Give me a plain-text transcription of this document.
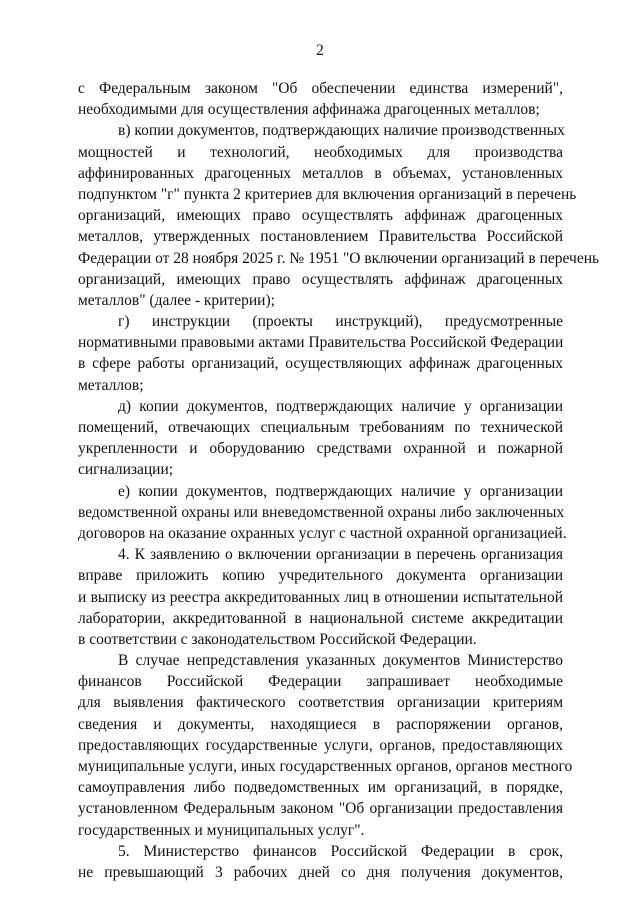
2
с Федеральным законом "Об обеспечении единства измерений",
необходимыми для осуществления аффинажа драгоценных металлов;
в) копии документов, подтверждающих наличие производственных
мощностей и технологий, необходимых для производства
аффинированных драгоценных металлов в объемах, установленных
подпунктом "г" пункта 2 критериев для включения организаций в перечень
организаций, имеющих право осуществлять аффинаж драгоценных
металлов, утвержденных постановлением Правительства Российской
Федерации от 28 ноября 2025 г. № 1951 "О включении организаций в перечень
организаций, имеющих право осуществлять аффинаж драгоценных
металлов" (далее - критерии);
г) инструкции (проекты инструкций), предусмотренные
нормативными правовыми актами Правительства Российской Федерации
в сфере работы организаций, осуществляющих аффинаж драгоценных
металлов;
д) копии документов, подтверждающих наличие у организации
помещений, отвечающих специальным требованиям по технической
укрепленности и оборудованию средствами охранной и пожарной
сигнализации;
е) копии документов, подтверждающих наличие у организации
ведомственной охраны или вневедомственной охраны либо заключенных
договоров на оказание охранных услуг с частной охранной организацией.
4. К заявлению о включении организации в перечень организация
вправе приложить копию учредительного документа организации
и выписку из реестра аккредитованных лиц в отношении испытательной
лаборатории, аккредитованной в национальной системе аккредитации
в соответствии с законодательством Российской Федерации.
В случае непредставления указанных документов Министерство
финансов Российской Федерации запрашивает необходимые
для выявления фактического соответствия организации критериям
сведения и документы, находящиеся в распоряжении органов,
предоставляющих государственные услуги, органов, предоставляющих
муниципальные услуги, иных государственных органов, органов местного
самоуправления либо подведомственных им организаций, в порядке,
установленном Федеральным законом "Об организации предоставления
государственных и муниципальных услуг".
5. Министерство финансов Российской Федерации в срок,
не превышающий 3 рабочих дней со дня получения документов,
